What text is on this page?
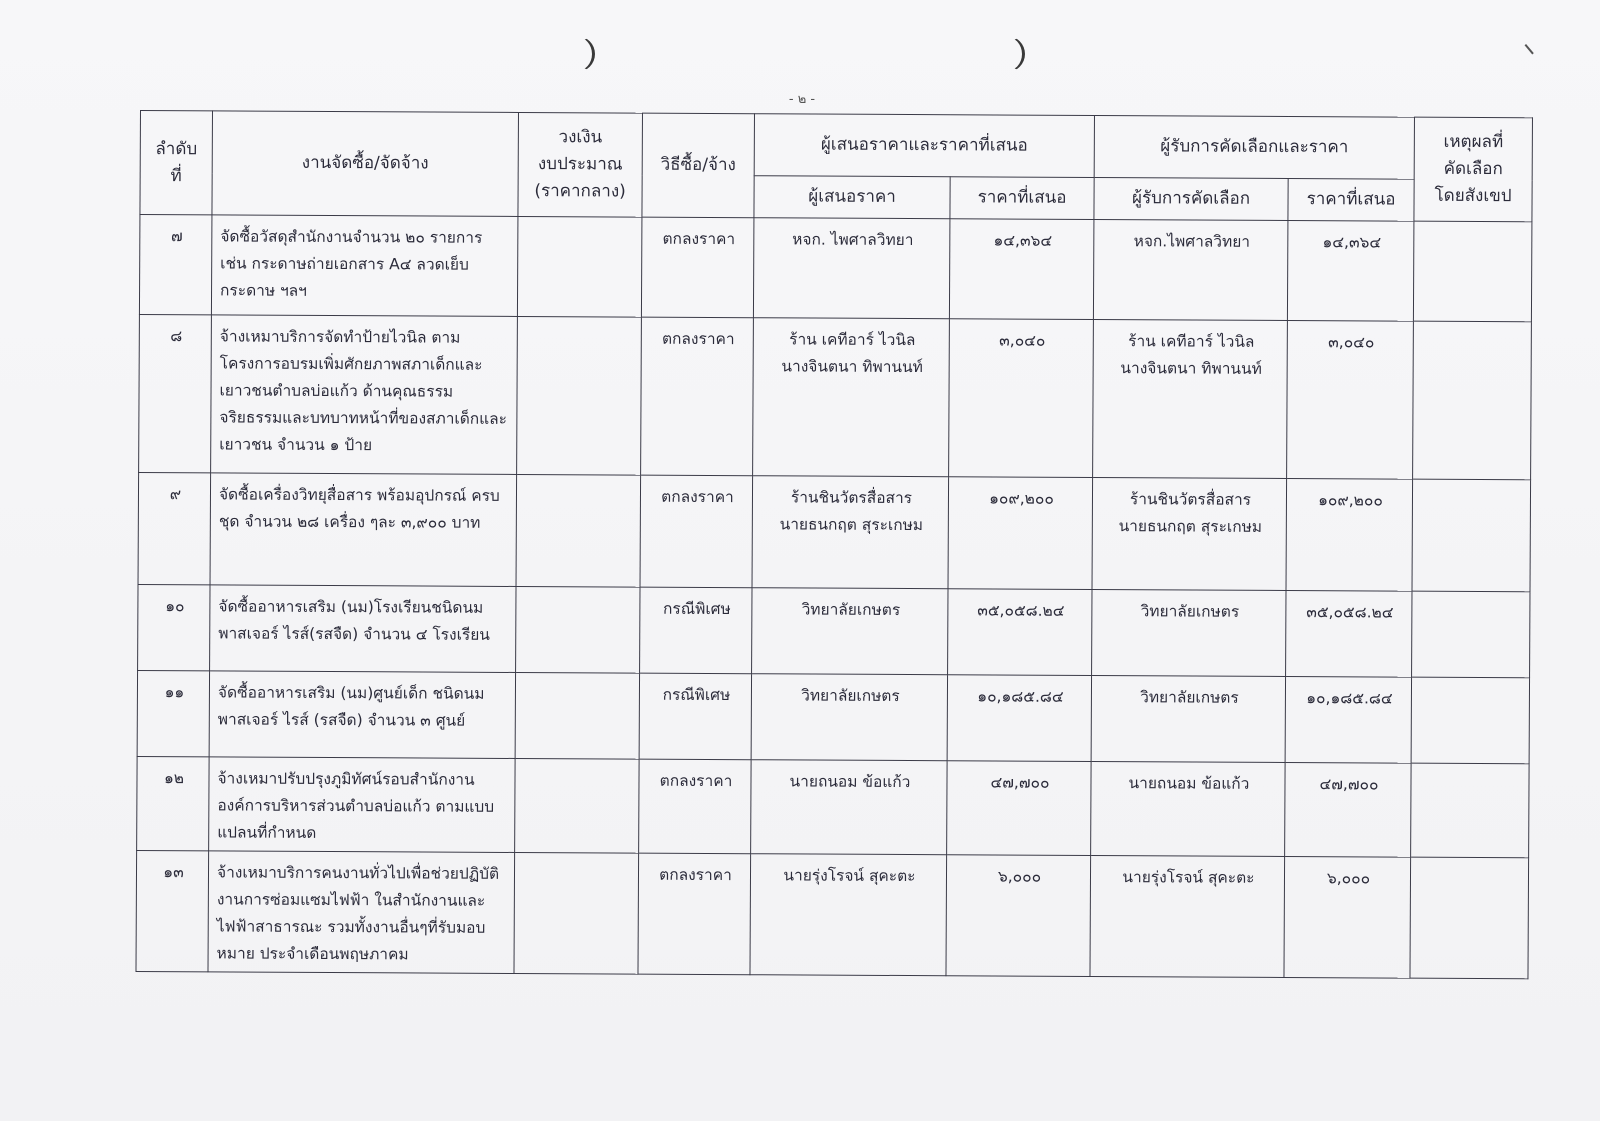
- ๒ -
ลำดับ
ที่	งานจัดซื้อ/จัดจ้าง	วงเงิน
งบประมาณ
(ราคากลาง)	วิธีซื้อ/จ้าง	ผู้เสนอราคาและราคาที่เสนอ		ผู้รับการคัดเลือกและราคา		เหตุผลที่
คัดเลือก
โดยสังเขป
				ผู้เสนอราคา	ราคาที่เสนอ	ผู้รับการคัดเลือก	ราคาที่เสนอ	
๗	จัดซื้อวัสดุสำนักงานจำนวน ๒๐ รายการ เช่น กระดาษถ่ายเอกสาร A๔ ลวดเย็บกระดาษ ฯลฯ		ตกลงราคา	หจก. ไพศาลวิทยา	๑๔,๓๖๔	หจก.ไพศาลวิทยา	๑๔,๓๖๔	
๘	จ้างเหมาบริการจัดทำป้ายไวนิล ตามโครงการอบรมเพิ่มศักยภาพสภาเด็กและเยาวชนตำบลบ่อแก้ว ด้านคุณธรรมจริยธรรมและบทบาทหน้าที่ของสภาเด็กและเยาวชน จำนวน ๑ ป้าย		ตกลงราคา	ร้าน เคทีอาร์ ไวนิล
นางจินตนา ทิพานนท์	๓,๐๔๐	ร้าน เคทีอาร์ ไวนิล
นางจินตนา ทิพานนท์	๓,๐๔๐	
๙	จัดซื้อเครื่องวิทยุสื่อสาร พร้อมอุปกรณ์ ครบชุด จำนวน ๒๘ เครื่อง ๆละ ๓,๙๐๐ บาท		ตกลงราคา	ร้านชินวัตรสื่อสาร
นายธนกฤต สุระเกษม	๑๐๙,๒๐๐	ร้านชินวัตรสื่อสาร
นายธนกฤต สุระเกษม	๑๐๙,๒๐๐	
๑๐	จัดซื้ออาหารเสริม (นม)โรงเรียนชนิดนมพาสเจอร์ ไรส์(รสจืด) จำนวน ๔ โรงเรียน		กรณีพิเศษ	วิทยาลัยเกษตร	๓๕,๐๕๘.๒๔	วิทยาลัยเกษตร	๓๕,๐๕๘.๒๔	
๑๑	จัดซื้ออาหารเสริม (นม)ศูนย์เด็ก ชนิดนมพาสเจอร์ ไรส์ (รสจืด) จำนวน ๓ ศูนย์		กรณีพิเศษ	วิทยาลัยเกษตร	๑๐,๑๘๕.๘๔	วิทยาลัยเกษตร	๑๐,๑๘๕.๘๔	
๑๒	จ้างเหมาปรับปรุงภูมิทัศน์รอบสำนักงานองค์การบริหารส่วนตำบลบ่อแก้ว ตามแบบแปลนที่กำหนด		ตกลงราคา	นายถนอม ข้อแก้ว	๔๗,๗๐๐	นายถนอม ข้อแก้ว	๔๗,๗๐๐	
๑๓	จ้างเหมาบริการคนงานทั่วไปเพื่อช่วยปฏิบัติงานการซ่อมแซมไฟฟ้า ในสำนักงานและไฟฟ้าสาธารณะ รวมทั้งงานอื่นๆที่รับมอบหมาย ประจำเดือนพฤษภาคม		ตกลงราคา	นายรุ่งโรจน์ สุคะตะ	๖,๐๐๐	นายรุ่งโรจน์ สุคะตะ	๖,๐๐๐	
